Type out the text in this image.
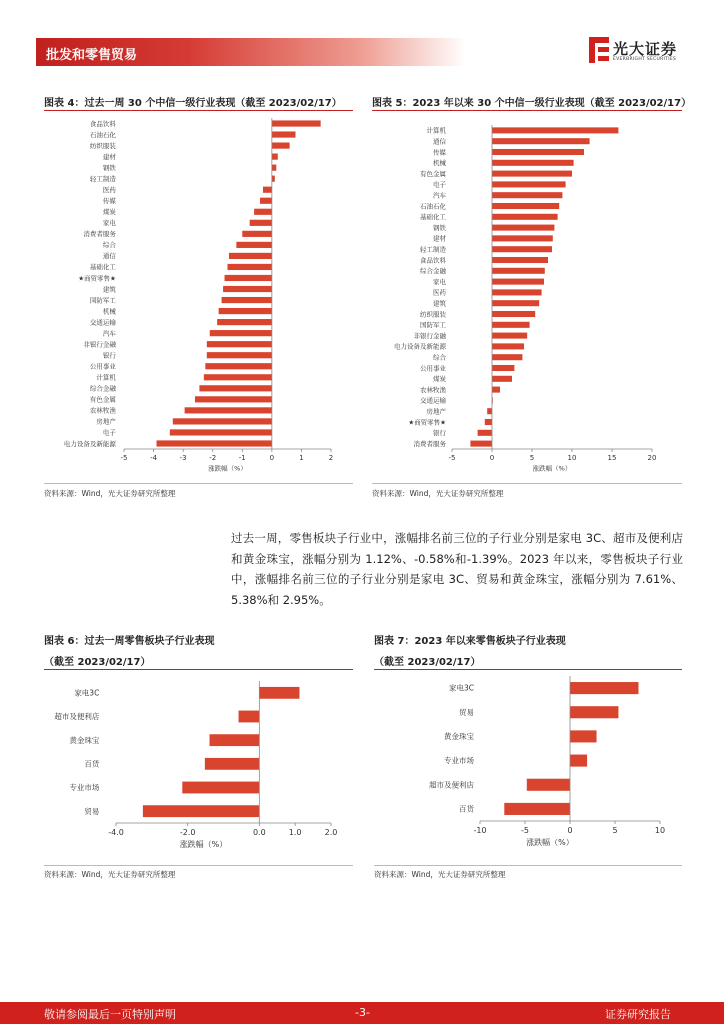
批发和零售贸易	光大证券
EVERBRIGHT SECURITIES
图表 4：过去一周 30 个中信一级行业表现（截至 2023/02/17）
食品饮料
石油石化
纺织服装
建材
钢铁
轻工制造
医药
传媒
煤炭
家电
消费者服务
综合
通信
基础化工
★商贸零售★
建筑
国防军工
机械
交通运输
汽车
非银行金融
银行
公用事业
计算机
综合金融
有色金属
农林牧渔
房地产
电子
电力设备及新能源
-5	-4	-3	-2	-1	0	1	2
涨跌幅（%）
资料来源：Wind，光大证券研究所整理
图表 5：2023 年以来 30 个中信一级行业表现（截至 2023/02/17）
计算机
通信
传媒
机械
有色金属
电子
汽车
石油石化
基础化工
钢铁
建材
轻工制造
食品饮料
综合金融
家电
医药
建筑
纺织服装
国防军工
非银行金融
电力设备及新能源
综合
公用事业
煤炭
农林牧渔
交通运输
房地产
★商贸零售★
银行
消费者服务
-5	0	5	10	15	20
涨跌幅（%）
资料来源：Wind，光大证券研究所整理
过去一周，零售板块子行业中，涨幅排名前三位的子行业分别是家电 3C、超市及便利店和黄金珠宝，涨幅分别为 1.12%、-0.58%和-1.39%。2023 年以来，零售板块子行业中，涨幅排名前三位的子行业分别是家电 3C、贸易和黄金珠宝，涨幅分别为 7.61%、5.38%和 2.95%。
图表 6：过去一周零售板块子行业表现
（截至 2023/02/17）
家电3C
超市及便利店
黄金珠宝
百货
专业市场
贸易
-4.0	-2.0	0.0	1.0	2.0
涨跌幅（%）
资料来源：Wind，光大证券研究所整理
图表 7：2023 年以来零售板块子行业表现
（截至 2023/02/17）
家电3C
贸易
黄金珠宝
专业市场
超市及便利店
百货
-10	-5	0	5	10
涨跌幅（%）
资料来源：Wind，光大证券研究所整理
敬请参阅最后一页特别声明	-3-	证券研究报告
